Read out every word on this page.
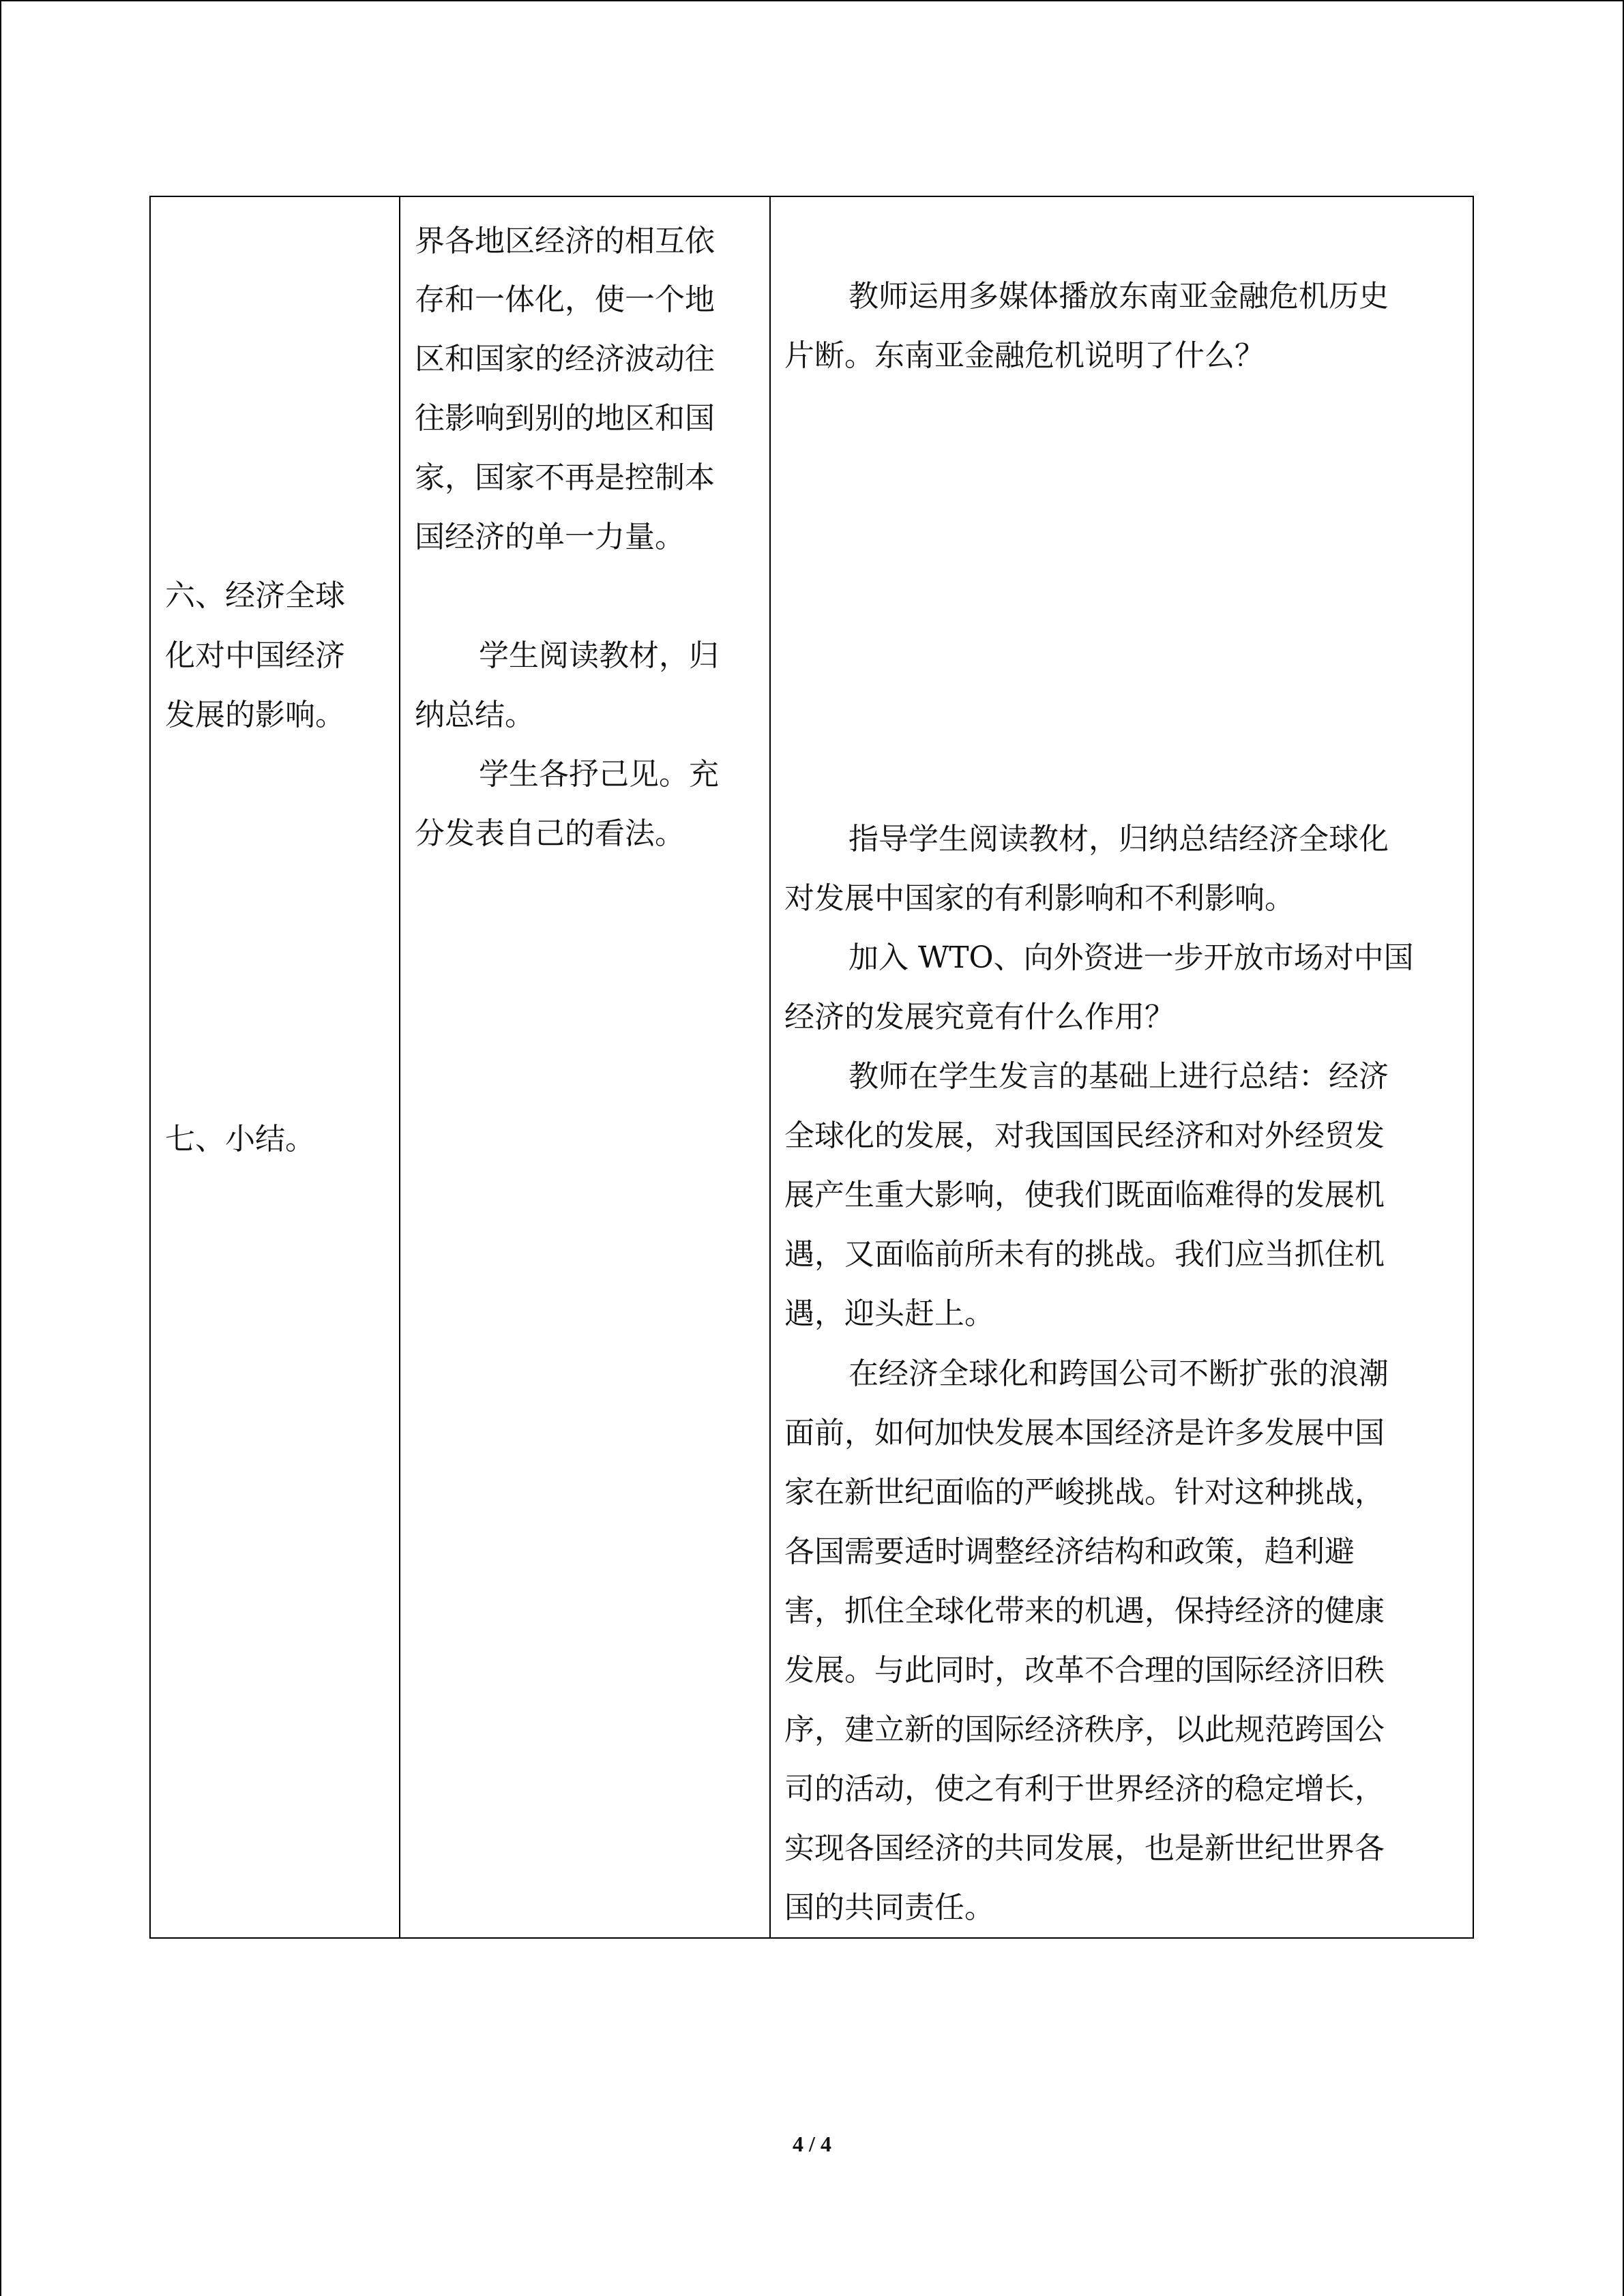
六、经济全球
化对中国经济
发展的影响。
七、小结。
界各地区经济的相互依
存和一体化，使一个地
区和国家的经济波动往
往影响到别的地区和国
家，国家不再是控制本
国经济的单一力量。
学生阅读教材，归
纳总结。
学生各抒己见。充
分发表自己的看法。
教师运用多媒体播放东南亚金融危机历史
片断。东南亚金融危机说明了什么？
指导学生阅读教材，归纳总结经济全球化
对发展中国家的有利影响和不利影响。
加入 WTO、向外资进一步开放市场对中国
经济的发展究竟有什么作用？
教师在学生发言的基础上进行总结：经济
全球化的发展，对我国国民经济和对外经贸发
展产生重大影响，使我们既面临难得的发展机
遇，又面临前所未有的挑战。我们应当抓住机
遇，迎头赶上。
在经济全球化和跨国公司不断扩张的浪潮
面前，如何加快发展本国经济是许多发展中国
家在新世纪面临的严峻挑战。针对这种挑战，
各国需要适时调整经济结构和政策，趋利避
害，抓住全球化带来的机遇，保持经济的健康
发展。与此同时，改革不合理的国际经济旧秩
序，建立新的国际经济秩序，以此规范跨国公
司的活动，使之有利于世界经济的稳定增长，
实现各国经济的共同发展，也是新世纪世界各
国的共同责任。
4 / 4
